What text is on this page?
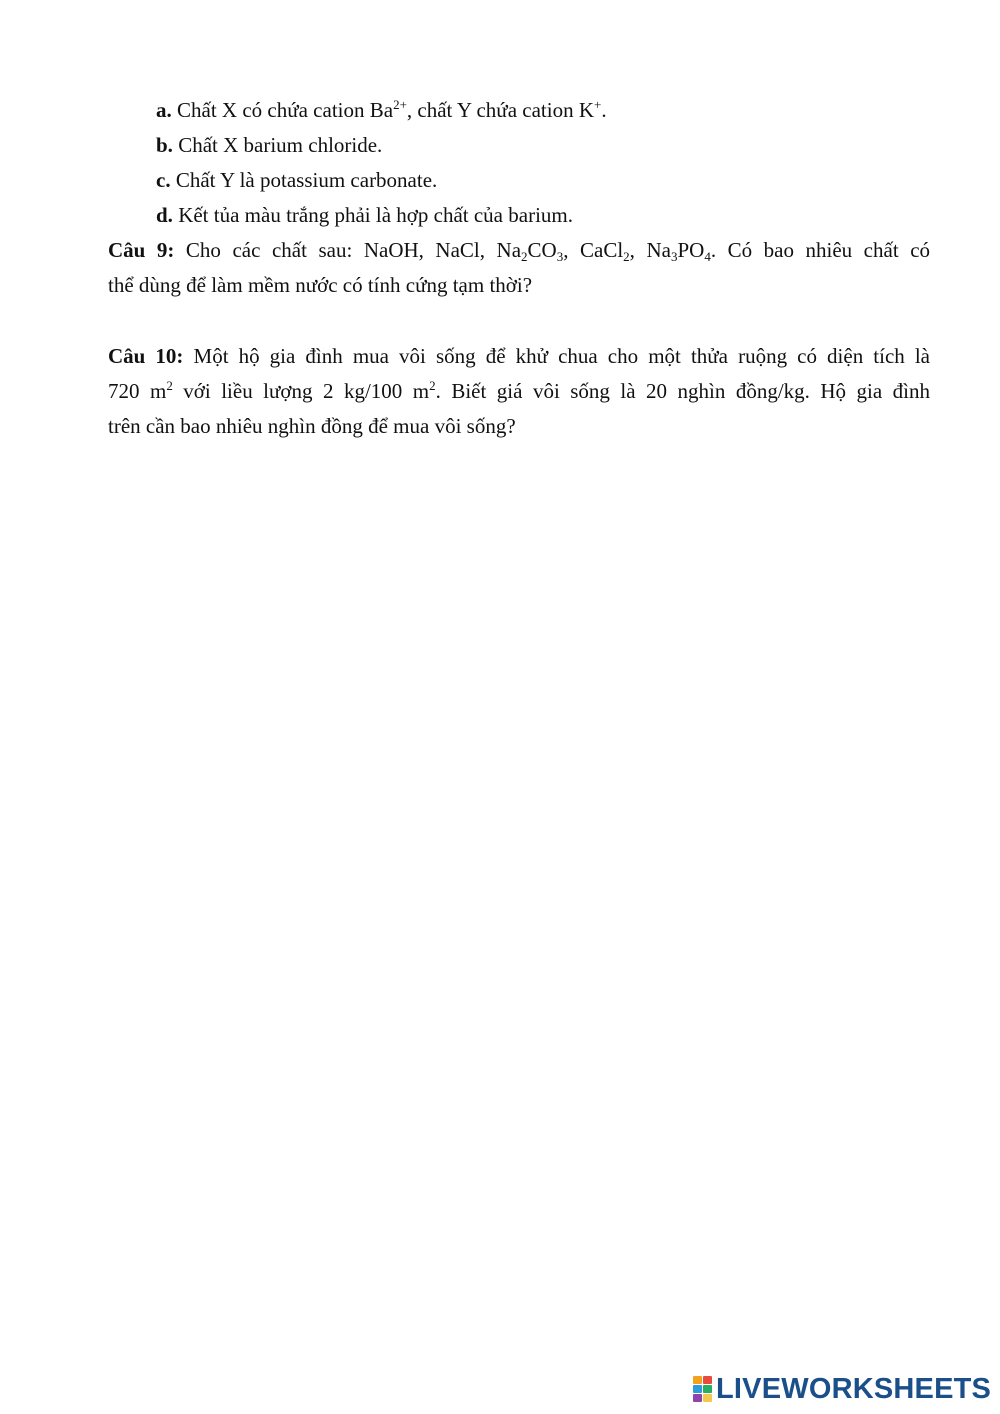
a. Chất X có chứa cation $Ba^{2+}$, chất Y chứa cation K+.
b. Chất X barium chloride.
c. Chất Y là potassium carbonate.
d. Kết tủa màu trắng phải là hợp chất của barium.
Câu 9: Cho các chất sau: NaOH, NaCl, $Na_2CO_3$, CaCl$_2$, $Na_3PO_4$. Có bao nhiêu chất có
thể dùng để làm mềm nước có tính cứng tạm thời?
Câu 10: Một hộ gia đình mua vôi sống để khử chua cho một thửa ruộng có diện tích là
720 $m^2$ với liều lượng 2 kg/100 $m^2$. Biết giá vôi sống là 20 nghìn đồng/kg. Hộ gia đình
trên cần bao nhiêu nghìn đồng để mua vôi sống?
LIVEWORKSHEETS
